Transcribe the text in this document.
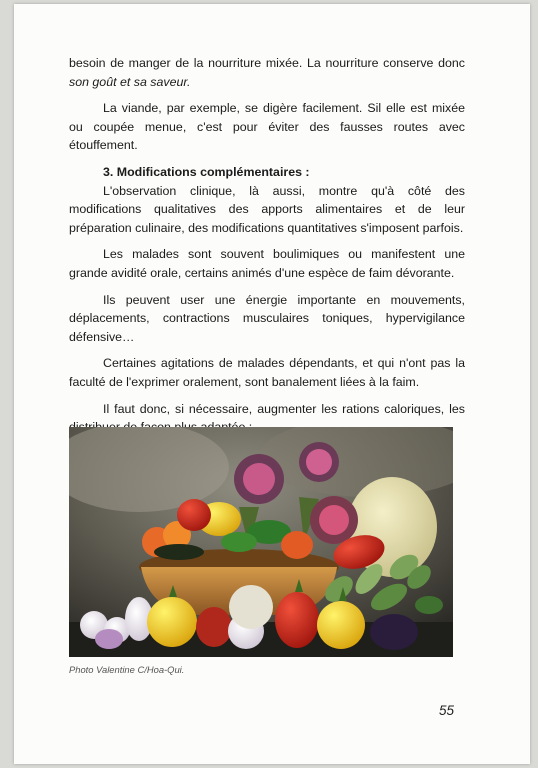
besoin de manger de la nourriture mixée. La nourriture conserve donc son goût et sa saveur.

La viande, par exemple, se digère facilement. Sil elle est mixée ou coupée menue, c'est pour éviter des fausses routes avec étouffement.

3. Modifications complémentaires :

L'observation clinique, là aussi, montre qu'à côté des modifications qualitatives des apports alimentaires et de leur préparation culinaire, des modifications quantitatives s'imposent parfois.

Les malades sont souvent boulimiques ou manifestent une grande avidité orale, certains animés d'une espèce de faim dévorante.

Ils peuvent user une énergie importante en mouvements, déplacements, contractions musculaires toniques, hypervigilance défensive…

Certaines agitations de malades dépendants, et qui n'ont pas la faculté de l'exprimer oralement, sont banalement liées à la faim.

Il faut donc, si nécessaire, augmenter les rations caloriques, les

Photo Valentine C/Hoa-Qui.
55
